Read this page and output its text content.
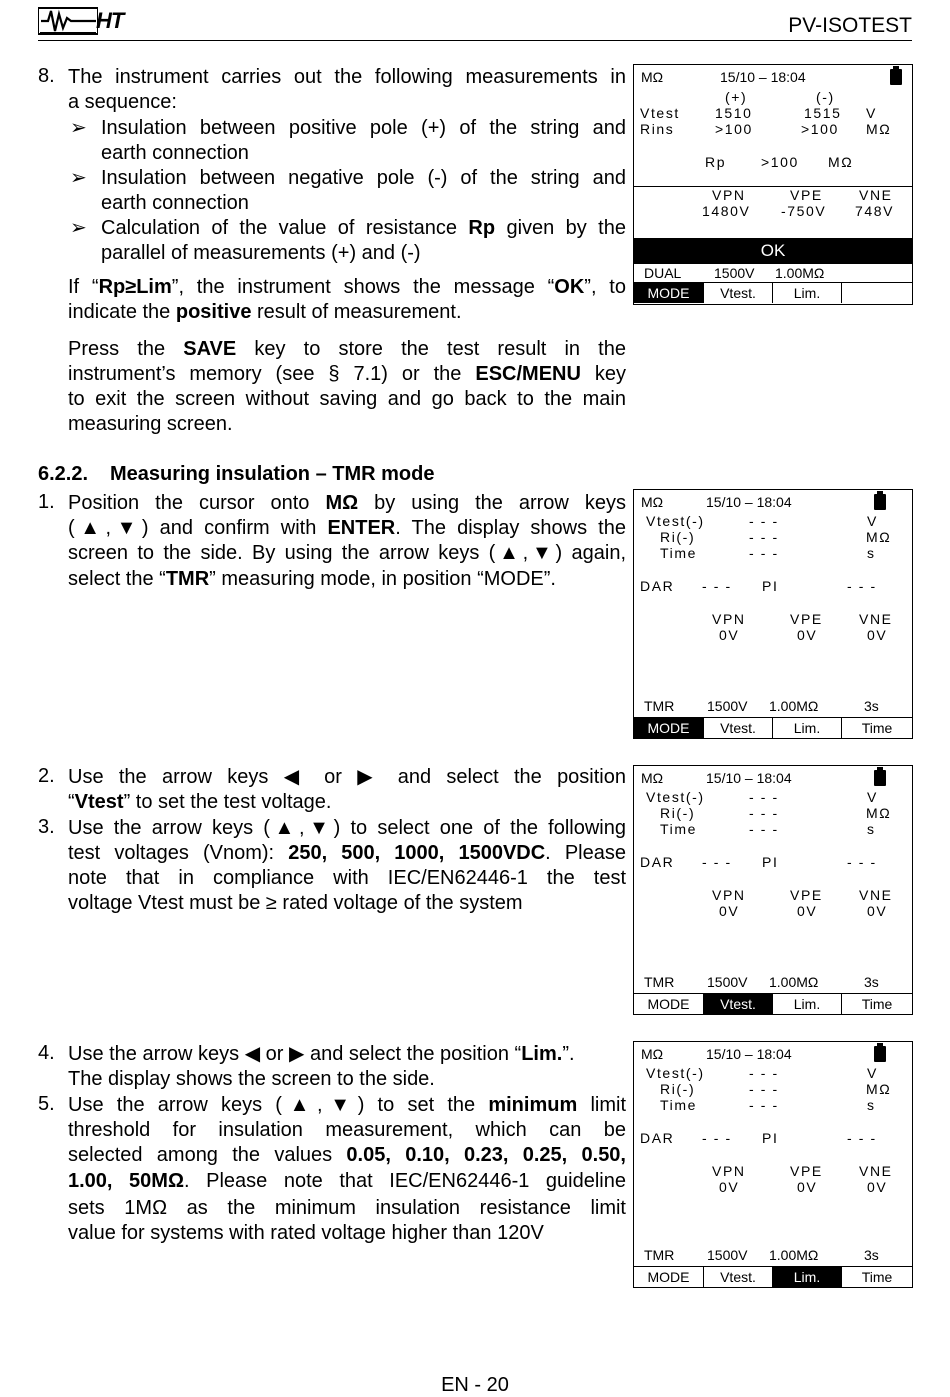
HT	PV-ISOTEST
8. The instrument carries out the following measurements in
a sequence:
➢ Insulation between positive pole (+) of the string and
earth connection
➢ Insulation between negative pole (-) of the string and
earth connection
➢ Calculation of the value of resistance Rp given by the
parallel of measurements (+) and (-)
If “Rp≥Lim”, the instrument shows the message “OK”, to
indicate the positive result of measurement.
Press the SAVE key to store the test result in the
instrument’s memory (see § 7.1) or the ESC/MENU key
to exit the screen without saving and go back to the main
measuring screen.
MΩ	15/10 – 18:04
(+)	(-)
Vtest	1510	1515 V
Rins	>100	>100 MΩ
Rp >100 MΩ
VPN	VPE	VNE
1480V -750V 748V
OK
DUAL 1500V 1.00MΩ
MODE	Vtest.	Lim.
6.2.2. Measuring insulation – TMR mode
1. Position the cursor onto MΩ by using the arrow keys
(▲,▼) and confirm with ENTER. The display shows the
screen to the side. By using the arrow keys (▲,▼) again,
select the “TMR” measuring mode, in position “MODE”.
MΩ	15/10 – 18:04
Vtest(-)	- - -	V
Ri(-)	- - -	MΩ
Time	- - -	s
DAR - - - PI	- - -
VPN	VPE	VNE
0V	0V	0V
TMR 1500V 1.00MΩ	3s
MODE	Vtest.	Lim.	Time
2. Use the arrow keys ◀ or ▶ and select the position
“Vtest” to set the test voltage.
3. Use the arrow keys (▲,▼) to select one of the following
test voltages (Vnom): 250, 500, 1000, 1500VDC. Please
note that in compliance with IEC/EN62446-1 the test
voltage Vtest must be ≥ rated voltage of the system
MΩ	15/10 – 18:04
Vtest(-)	- - -	V
Ri(-)	- - -	MΩ
Time	- - -	s
DAR - - - PI	- - -
VPN	VPE	VNE
0V	0V	0V
TMR 1500V 1.00MΩ	3s
MODE	Vtest.	Lim.	Time
4. Use the arrow keys ◀ or ▶ and select the position “Lim.”.
The display shows the screen to the side.
5. Use the arrow keys (▲,▼) to set the minimum limit
threshold for insulation measurement, which can be
selected among the values 0.05, 0.10, 0.23, 0.25, 0.50,
1.00, 50MΩ. Please note that IEC/EN62446-1 guideline
sets 1MΩ as the minimum insulation resistance limit
value for systems with rated voltage higher than 120V
MΩ	15/10 – 18:04
Vtest(-)	- - -	V
Ri(-)	- - -	MΩ
Time	- - -	s
DAR - - - PI	- - -
VPN	VPE	VNE
0V	0V	0V
TMR 1500V 1.00MΩ	3s
MODE	Vtest.	Lim.	Time
EN - 20
